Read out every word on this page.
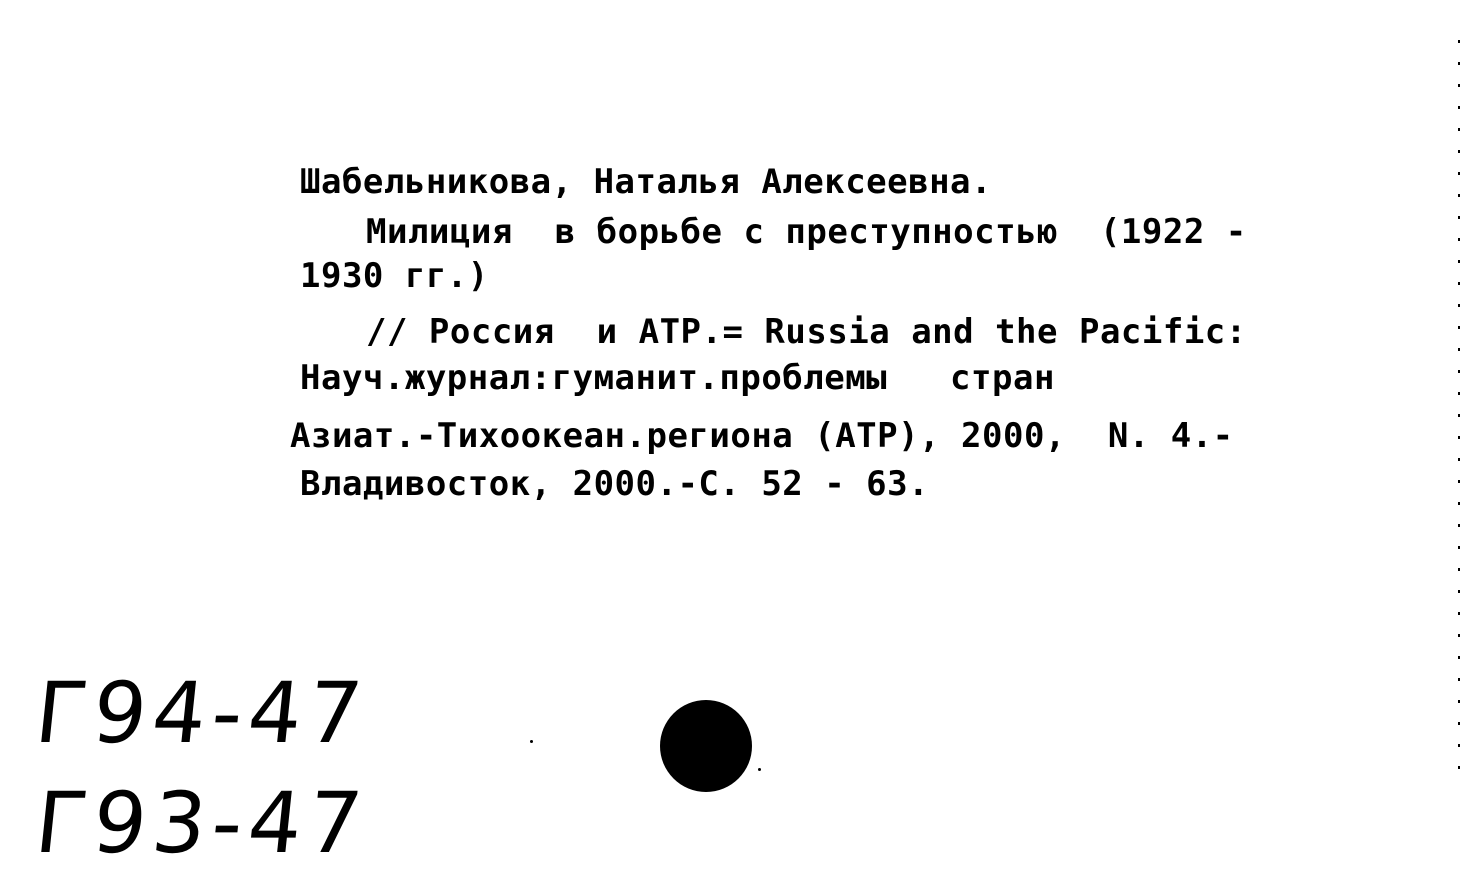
Шабельникова, Наталья Алексеевна.
Милиция  в борьбе с преступностью  (1922 -
1930 гг.)
// Россия  и АТР.= Russia and the Pacific:
Науч.журнал:гуманит.проблемы   стран
Азиат.-Тихоокеан.региона (АТР), 2000,  N. 4.-
Владивосток, 2000.-С. 52 - 63.
Г94-47
Г93-47
